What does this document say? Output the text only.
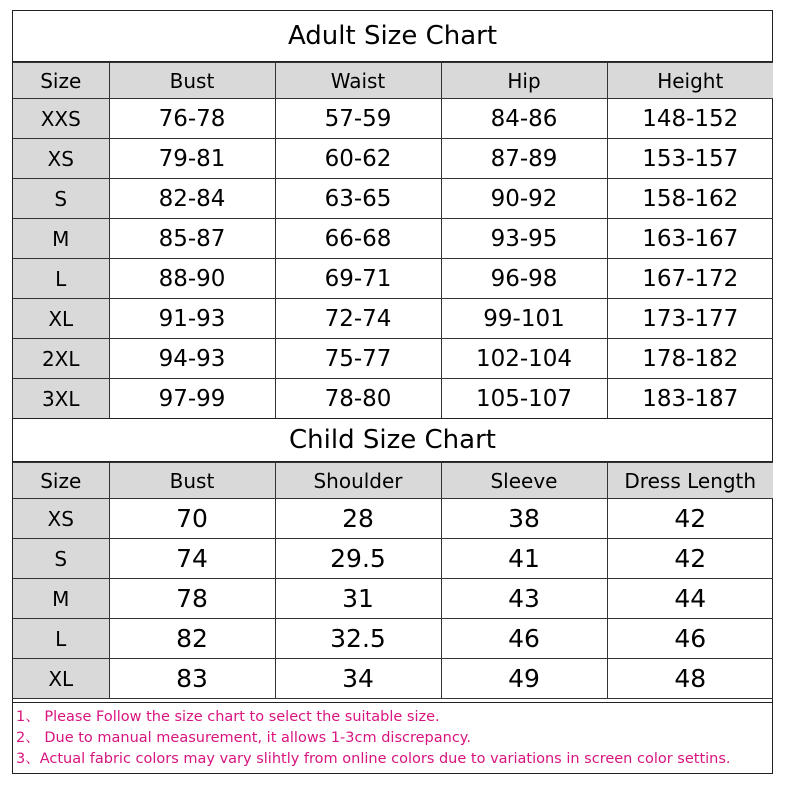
Adult Size Chart
Size	Bust	Waist	Hip	Height
XXS	76-78	57-59	84-86	148-152
XS	79-81	60-62	87-89	153-157
S	82-84	63-65	90-92	158-162
M	85-87	66-68	93-95	163-167
L	88-90	69-71	96-98	167-172
XL	91-93	72-74	99-101	173-177
2XL	94-93	75-77	102-104	178-182
3XL	97-99	78-80	105-107	183-187
Child Size Chart
Size	Bust	Shoulder	Sleeve	Dress Length
XS	70	28	38	42
S	74	29.5	41	42
M	78	31	43	44
L	82	32.5	46	46
XL	83	34	49	48
1、 Please Follow the size chart to select the suitable size.
2、 Due to manual measurement, it allows 1-3cm discrepancy.
3、Actual fabric colors may vary slihtly from online colors due to variations in screen color settins.
